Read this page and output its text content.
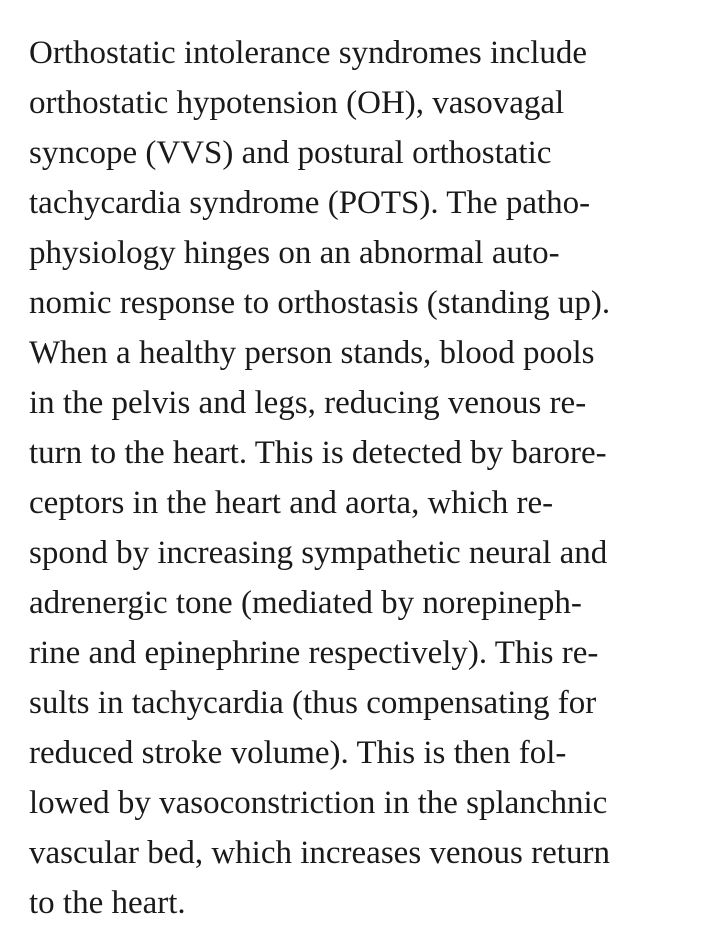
Orthostatic intolerance syndromes include
orthostatic hypotension (OH), vasovagal
syncope (VVS) and postural orthostatic
tachycardia syndrome (POTS). The patho-
physiology hinges on an abnormal auto-
nomic response to orthostasis (standing up).
When a healthy person stands, blood pools
in the pelvis and legs, reducing venous re-
turn to the heart. This is detected by barore-
ceptors in the heart and aorta, which re-
spond by increasing sympathetic neural and
adrenergic tone (mediated by norepineph-
rine and epinephrine respectively). This re-
sults in tachycardia (thus compensating for
reduced stroke volume). This is then fol-
lowed by vasoconstriction in the splanchnic
vascular bed, which increases venous return
to the heart.
